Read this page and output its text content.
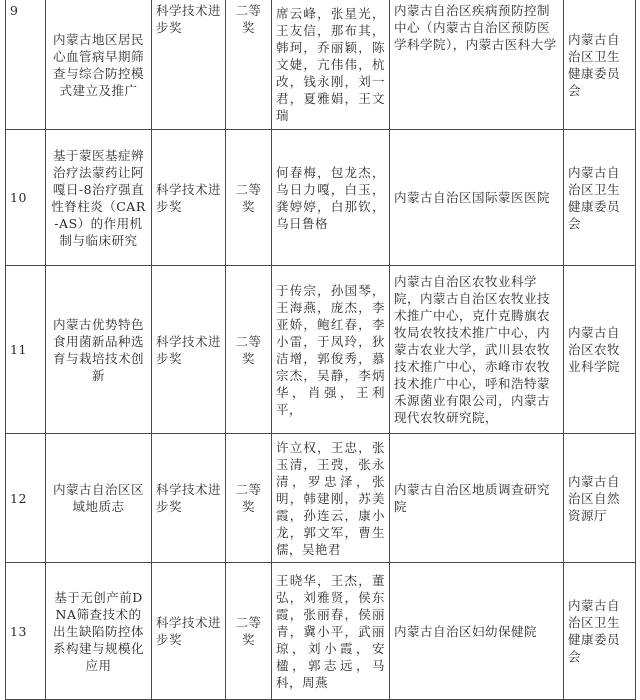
9	内蒙古地区居民心血管病早期筛查与综合防控模式建立及推广	科学技术进步奖	二等奖	席云峰，张星光，王友信，那布其，韩珂，乔丽颖，陈文婕，亢伟伟，杭改，钱永刚，刘一君，夏雅娟，王文瑞	内蒙古自治区疾病预防控制中心（内蒙古自治区预防医学科学院），内蒙古医科大学	内蒙古自治区卫生健康委员会
10	基于蒙医基症辨治疗法蒙药让阿嘎日-8治疗强直性脊柱炎（CAR-AS）的作用机制与临床研究	科学技术进步奖	二等奖	何春梅，包龙杰，乌日力嘎，白玉，龚婷婷，白那钦，乌日鲁格	内蒙古自治区国际蒙医医院	内蒙古自治区卫生健康委员会
11	内蒙古优势特色食用菌新品种选育与栽培技术创新	科学技术进步奖	二等奖	于传宗，孙国琴，王海燕，庞杰，李亚娇，鲍红春，李小雷，于凤玲，狄洁增，郭俊秀，慕宗杰，吴静，李炳华，肖强，王利平，	内蒙古自治区农牧业科学院，内蒙古自治区农牧业技术推广中心，克什克腾旗农牧局农牧技术推广中心，内蒙古农业大学，武川县农牧技术推广中心，赤峰市农牧技术推广中心，呼和浩特蒙禾源菌业有限公司，内蒙古现代农牧研究院，	内蒙古自治区农牧业科学院
12	内蒙古自治区区域地质志	科学技术进步奖	二等奖	许立权，王忠，张玉清，王弢，张永清，罗忠泽，张明，韩建刚，苏美霞，孙连云，康小龙，郭文军，曹生儒，吴艳君	内蒙古自治区地质调查研究院	内蒙古自治区自然资源厅
13	基于无创产前DNA筛查技术的出生缺陷防控体系构建与规模化应用	科学技术进步奖	二等奖	王晓华，王杰，董弘，刘雅贤，侯东霞，张丽春，侯丽青，冀小平，武丽琼，刘小霞，安楹，郭志远，马科，周燕	内蒙古自治区妇幼保健院	内蒙古自治区卫生健康委员会
